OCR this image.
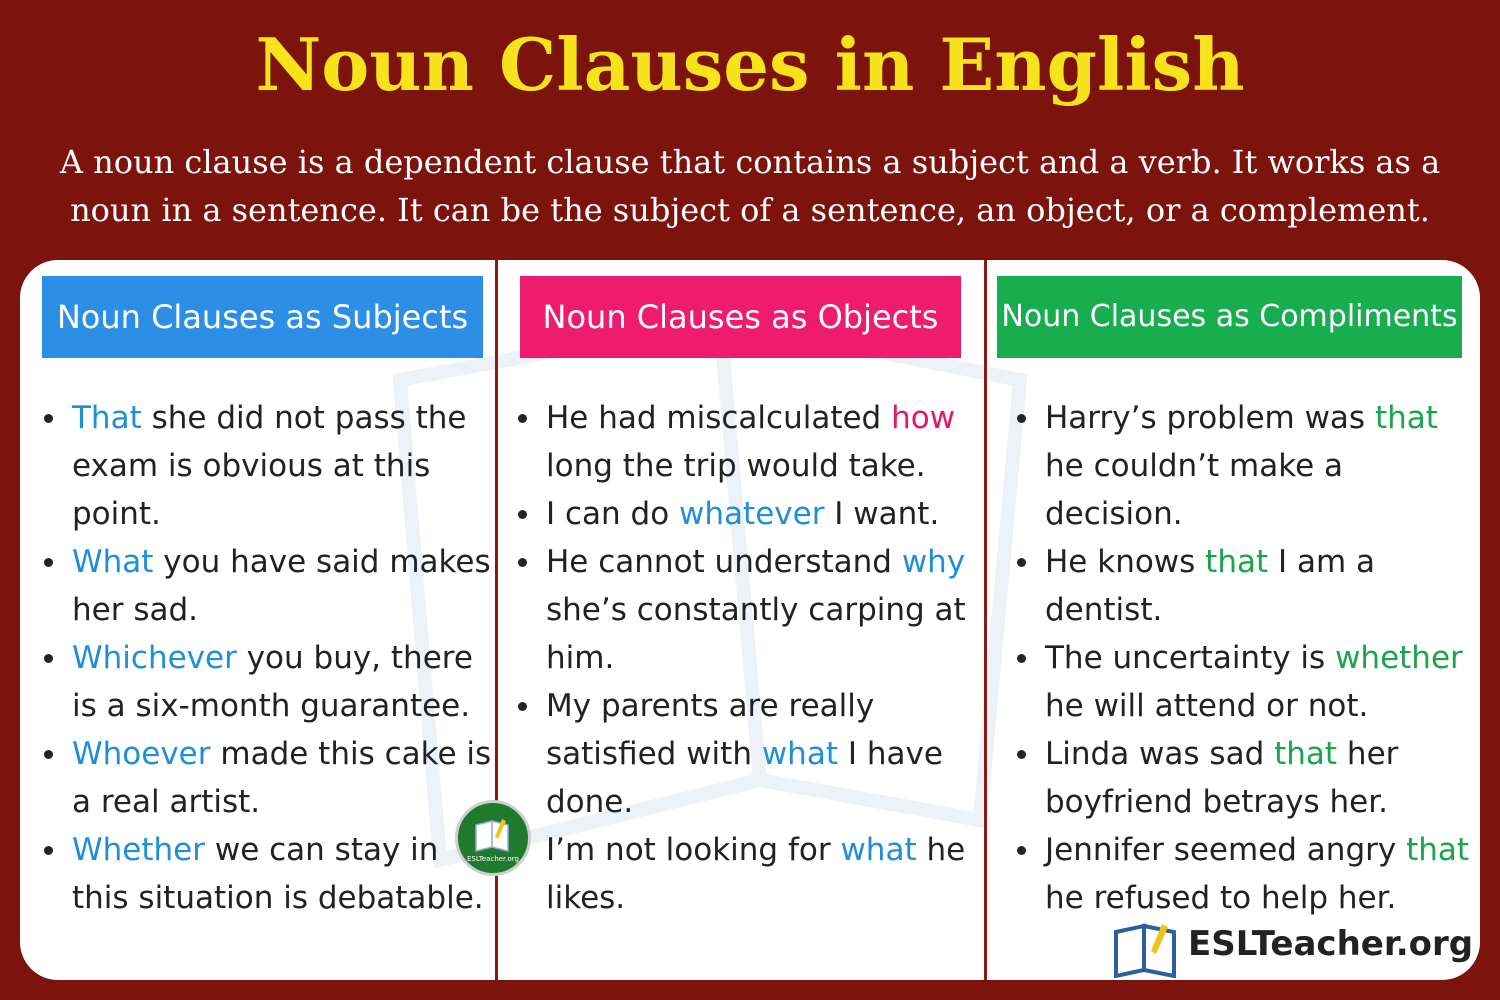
Noun Clauses in English
A noun clause is a dependent clause that contains a subject and a verb. It works as a noun in a sentence. It can be the subject of a sentence, an object, or a complement.
Noun Clauses as Subjects
That she did not pass the exam is obvious at this point.
What you have said makes her sad.
Whichever you buy, there is a six-month guarantee.
Whoever made this cake is a real artist.
Whether we can stay in this situation is debatable.
Noun Clauses as Objects
He had miscalculated how long the trip would take.
I can do whatever I want.
He cannot understand why she’s constantly carping at him.
My parents are really satisfied with what I have done.
I’m not looking for what he likes.
Noun Clauses as Compliments
Harry’s problem was that he couldn’t make a decision.
He knows that I am a dentist.
The uncertainty is whether he will attend or not.
Linda was sad that her boyfriend betrays her.
Jennifer seemed angry that he refused to help her.
ESLTeacher.org
ESLTeacher.org
